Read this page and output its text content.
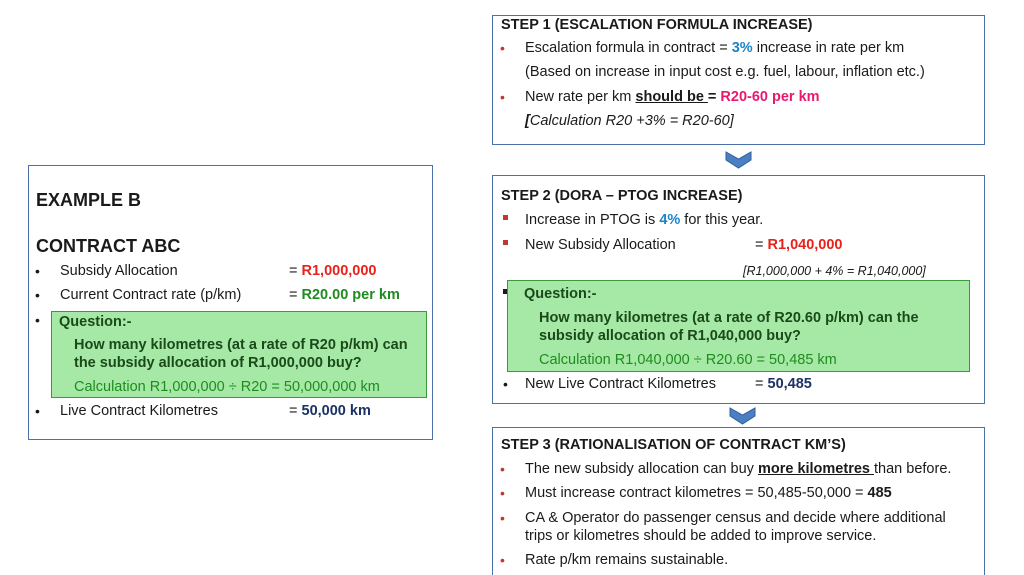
EXAMPLE B
CONTRACT ABC
• Subsidy Allocation	= R1,000,000
• Current Contract rate (p/km)	= R20.00 per km
•
• Live Contract Kilometres	= 50,000 km
Question:-
How many kilometres (at a rate of R20 p/km) can
the subsidy allocation of R1,000,000 buy?
Calculation R1,000,000 ÷ R20 = 50,000,000 km
STEP 1 (ESCALATION FORMULA INCREASE)
• Escalation formula in contract = 3% increase in rate per km
(Based on increase in input cost e.g. fuel, labour, inflation etc.)
• New rate per km should be = R20-60 per km
[Calculation R20 +3% = R20-60]
STEP 2 (DORA – PTOG INCREASE)
Increase in PTOG is 4% for this year.
New Subsidy Allocation	= R1,040,000
[R1,000,000 + 4% = R1,040,000]
• New Live Contract Kilometres	= 50,485
Question:-
How many kilometres (at a rate of R20.60 p/km) can the
subsidy allocation of R1,040,000 buy?
Calculation R1,040,000 ÷ R20.60 = 50,485 km
STEP 3 (RATIONALISATION OF CONTRACT KM’S)
• The new subsidy allocation can buy more kilometres than before.
• Must increase contract kilometres = 50,485-50,000 = 485
• CA & Operator do passenger census and decide where additional
trips or kilometres should be added to improve service.
• Rate p/km remains sustainable.
